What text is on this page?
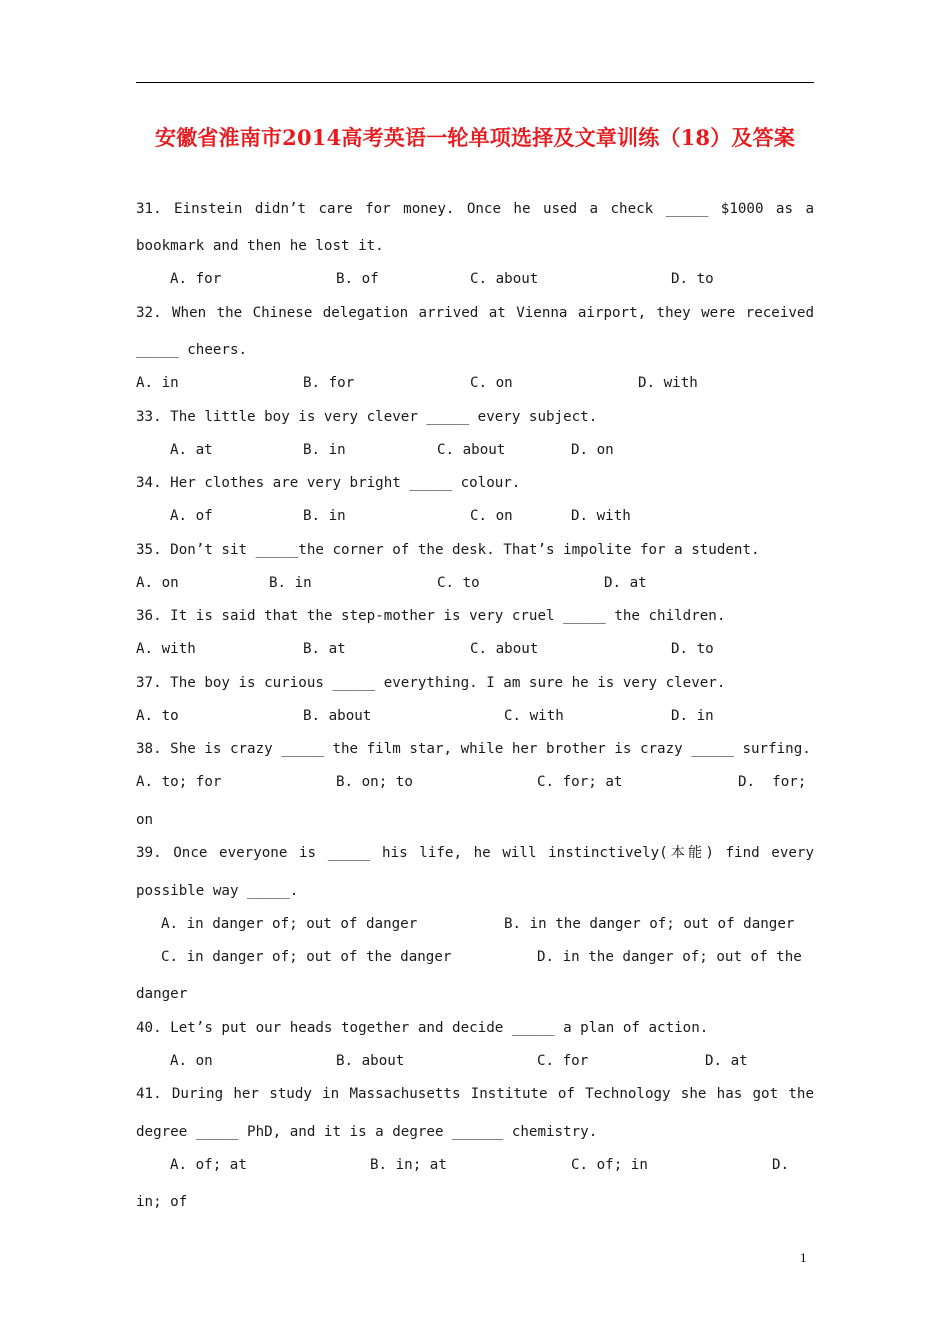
安徽省淮南市2014高考英语一轮单项选择及文章训练（18）及答案
31. Einstein didn’t care for money. Once he used a check _____ $1000 as a
bookmark and then he lost it.
A. for	B. of	C. about	D. to
32. When the Chinese delegation arrived at Vienna airport, they were received
_____ cheers.
A. in	B. for	C. on	D. with
33. The little boy is very clever _____ every subject.
A. at	B. in	C. about	D. on
34. Her clothes are very bright _____ colour.
A. of	B. in	C. on	D. with
35. Don’t sit _____the corner of the desk. That’s impolite for a student.
A. on	B. in	C. to	D. at
36. It is said that the step-mother is very cruel _____ the children.
A. with	B. at	C. about	D. to
37. The boy is curious _____ everything. I am sure he is very clever.
A. to	B. about	C. with	D. in
38. She is crazy _____ the film star, while her brother is crazy _____ surfing.
A. to; for	B. on; to	C. for; at	D.  for;
on
39. Once everyone is _____ his life, he will instinctively(本能) find every
possible way _____.
A. in danger of; out of danger	B. in the danger of; out of danger
C. in danger of; out of the danger	D. in the danger of; out of the
danger
40. Let’s put our heads together and decide _____ a plan of action.
A. on	B. about	C. for	D. at
41. During her study in Massachusetts Institute of Technology she has got the
degree _____ PhD, and it is a degree ______ chemistry.
A. of; at	B. in; at	C. of; in	D.
in; of
1
